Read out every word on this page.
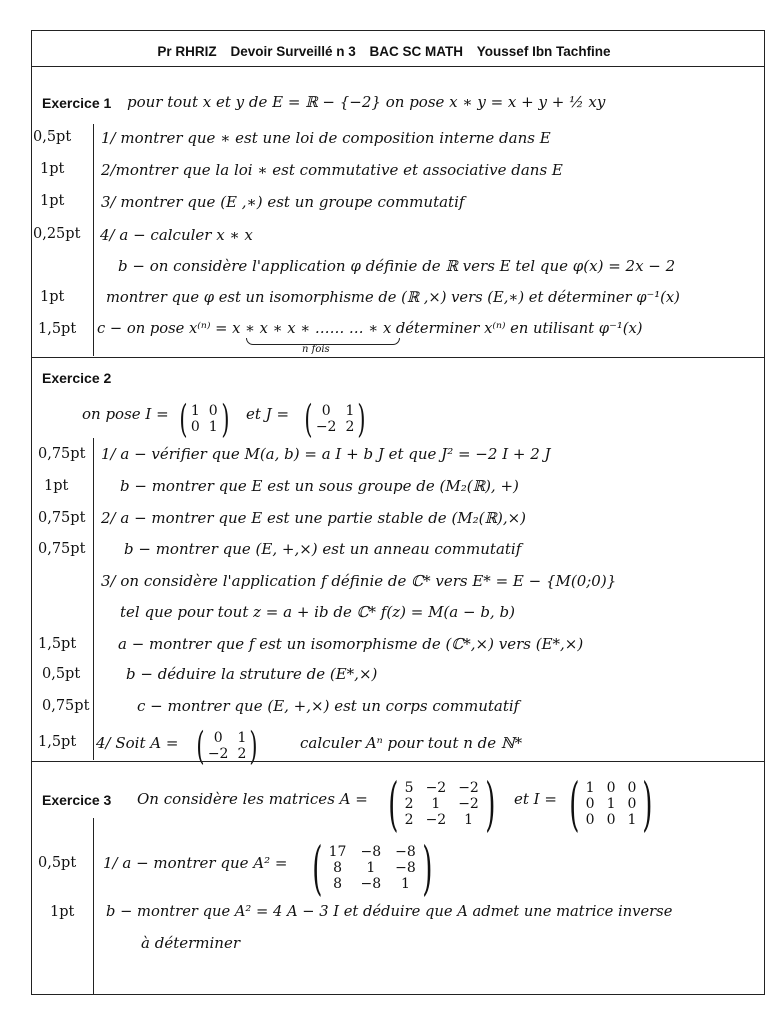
Pr RHRIZ Devoir Surveillé n 3 BAC SC MATH Youssef Ibn Tachfine
Exercice 1 pour tout x et y de E = ℝ − {−2} on pose x ∗ y = x + y + ½ xy
0,5pt 1/ montrer que ∗ est une loi de composition interne dans E
1pt 2/montrer que la loi ∗ est commutative et associative dans E
1pt 3/ montrer que (E ,∗) est un groupe commutatif
0,25pt 4/ a − calculer x ∗ x
b − on considère l'application φ définie de ℝ vers E tel que φ(x) = 2x − 2
1pt	montrer que φ est un isomorphisme de (ℝ ,×) vers (E,∗) et déterminer φ⁻¹(x)
1,5pt c − on pose x⁽ⁿ⁾ = x ∗ x ∗ x ∗ …… … ∗ x déterminer x⁽ⁿ⁾ en utilisant φ⁻¹(x)
n fois
Exercice 2
on pose I = ( 1 0
0 1 ) et J = ( 0	1
−2 2 )
0,75pt 1/ a − vérifier que M(a, b) = a I + b J et que J² = −2 I + 2 J
1pt	b − montrer que E est un sous groupe de (M₂(ℝ), +)
0,75pt 2/ a − montrer que E est une partie stable de (M₂(ℝ),×)
0,75pt	b − montrer que (E, +,×) est un anneau commutatif
3/ on considère l'application f définie de ℂ* vers E* = E − {M(0;0)}
tel que pour tout z = a + ib de ℂ* f(z) = M(a − b, b)
1,5pt	a − montrer que f est un isomorphisme de (ℂ*,×) vers (E*,×)
0,5pt	b − déduire la struture de (E*,×)
0,75pt	c − montrer que (E, +,×) est un corps commutatif
1,5pt 4/ Soit A = ( 0	1
−2 2 )	calculer Aⁿ pour tout n de ℕ*
Exercice 3 On considère les matrices A = ( 5 −2 −2
2	1	−2
2 −2	1 ) et I = ( 1 0 0
0 1 0
0 0 1 )
0,5pt 1/ a − montrer que A² = ( 17 −8 −8
8	1	−8
8	−8	1 )
1pt b − montrer que A² = 4 A − 3 I et déduire que A admet une matrice inverse
à déterminer
